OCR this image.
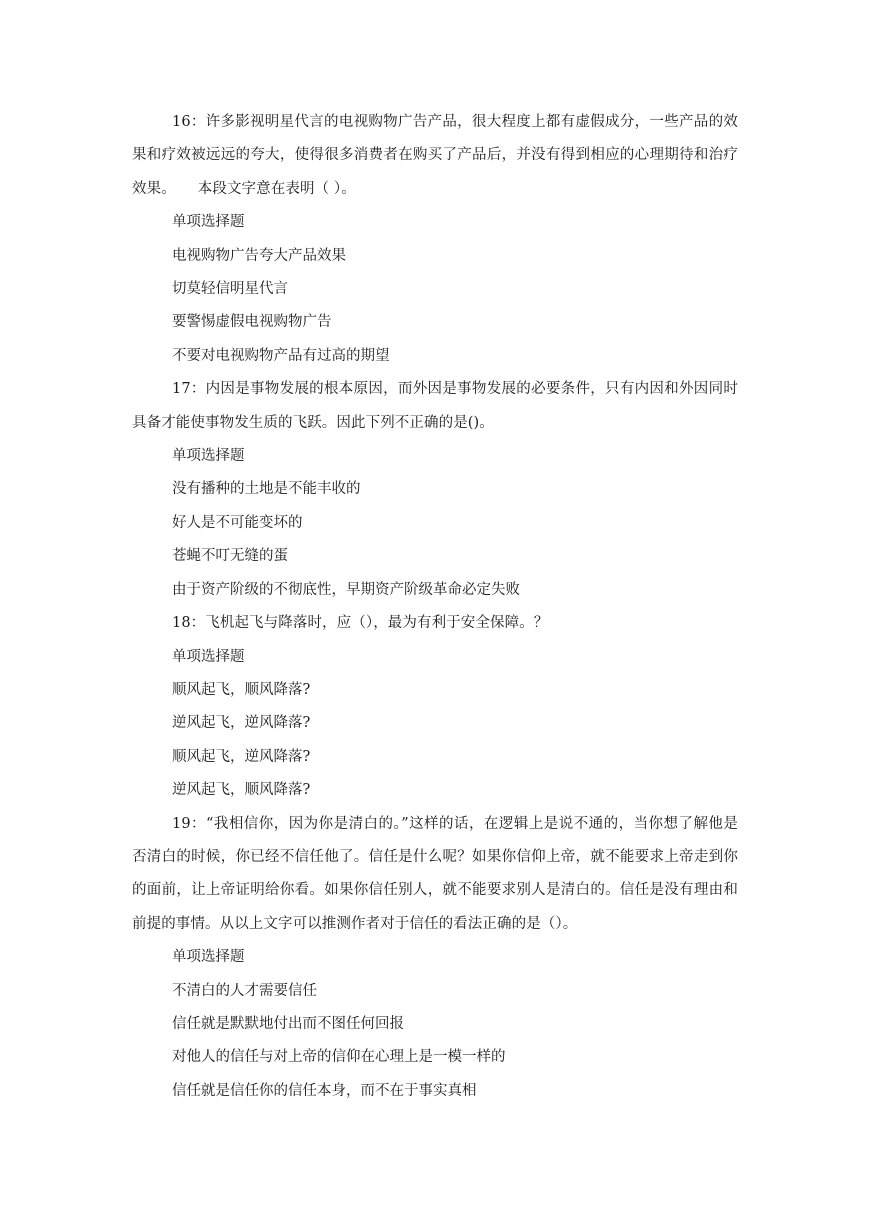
16：许多影视明星代言的电视购物广告产品，很大程度上都有虚假成分，一些产品的效果和疗效被远远的夸大，使得很多消费者在购买了产品后，并没有得到相应的心理期待和治疗效果。　　本段文字意在表明（ ）。

单项选择题

电视购物广告夸大产品效果

切莫轻信明星代言

要警惕虚假电视购物广告

不要对电视购物产品有过高的期望

17：内因是事物发展的根本原因，而外因是事物发展的必要条件，只有内因和外因同时具备才能使事物发生质的飞跃。因此下列不正确的是()。

单项选择题

没有播种的土地是不能丰收的

好人是不可能变坏的

苍蝇不叮无缝的蛋

由于资产阶级的不彻底性，早期资产阶级革命必定失败

18：飞机起飞与降落时，应（），最为有利于安全保障。？

单项选择题

顺风起飞，顺风降落?

逆风起飞，逆风降落?

顺风起飞，逆风降落?

逆风起飞，顺风降落?

19：“我相信你，因为你是清白的。”这样的话，在逻辑上是说不通的，当你想了解他是否清白的时候，你已经不信任他了。信任是什么呢？如果你信仰上帝，就不能要求上帝走到你的面前，让上帝证明给你看。如果你信任别人，就不能要求别人是清白的。信任是没有理由和前提的事情。从以上文字可以推测作者对于信任的看法正确的是（）。

单项选择题

不清白的人才需要信任

信任就是默默地付出而不图任何回报

对他人的信任与对上帝的信仰在心理上是一模一样的

信任就是信任你的信任本身，而不在于事实真相
